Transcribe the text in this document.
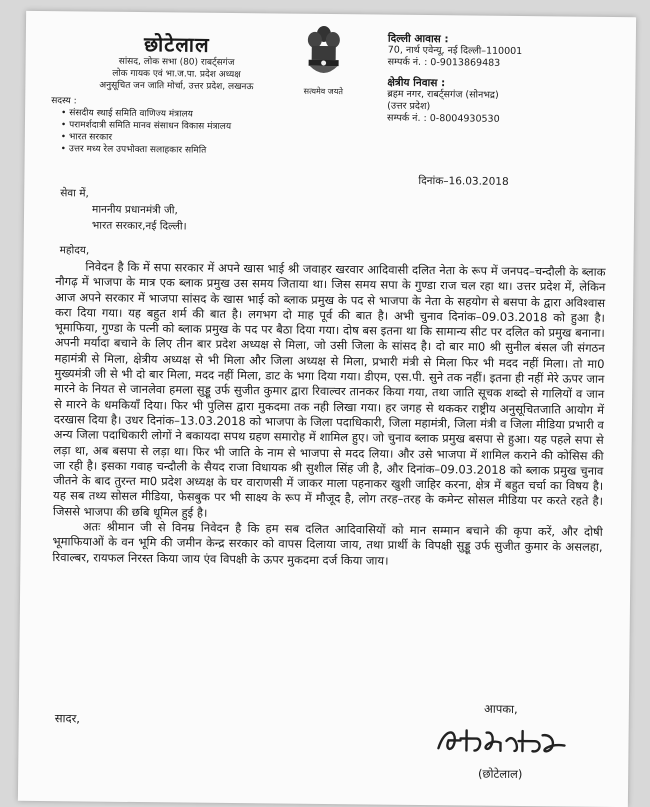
छोटेलाल
सांसद, लोक सभा (80) राबर्ट्सगंज
लोक गायक एवं भा.ज.पा. प्रदेश अध्यक्ष
अनुसूचित जन जाति मोर्चा, उत्तर प्रदेश, लखनऊ
सदस्य :
• संसदीय स्थाई समिति वाणिज्य मंत्रालय
• परामर्शदात्री समिति मानव संसाधन विकास मंत्रालय
• भारत सरकार
• उत्तर मध्य रेल उपभोक्ता सलाहकार समिति
सत्यमेव जयते
दिल्ली आवास :
70, नार्थ एवेन्यू, नई दिल्ली–110001
सम्पर्क नं. : 0-9013869483
क्षेत्रीय निवास :
ब्रहम नगर, राबर्ट्सगंज (सोनभद्र)
(उत्तर प्रदेश)
सम्पर्क नं. : 0-8004930530
दिनांक–16.03.2018
सेवा में,
माननीय प्रधानमंत्री जी,
भारत सरकार,नई दिल्ली।
महोदय,

निवेदन है कि में सपा सरकार में अपने खास भाई श्री जवाहर खरवार आदिवासी दलित नेता के रूप में जनपद–चन्दौली के ब्लाक नौगढ़ में भाजपा के मात्र एक ब्लाक प्रमुख उस समय जिताया था। जिस समय सपा के गुण्डा राज चल रहा था। उत्तर प्रदेश में, लेकिन आज अपने सरकार में भाजपा सांसद के खास भाई को ब्लाक प्रमुख के पद से भाजपा के नेता के सहयोग से बसपा के द्वारा अविश्वास करा दिया गया। यह बहुत शर्म की बात है। लगभग दो माह पूर्व की बात है। अभी चुनाव दिनांक–09.03.2018 को हुआ है। भूमाफिया, गुण्डा के पत्नी को ब्लाक प्रमुख के पद पर बैठा दिया गया। दोष बस इतना था कि सामान्य सीट पर दलित को प्रमुख बनाना। अपनी मर्यादा बचाने के लिए तीन बार प्रदेश अध्यक्ष से मिला, जो उसी जिला के सांसद है। दो बार मा0 श्री सुनील बंसल जी संगठन महामंत्री से मिला, क्षेत्रीय अध्यक्ष से भी मिला और जिला अध्यक्ष से मिला, प्रभारी मंत्री से मिला फिर भी मदद नहीं मिला। तो मा0 मुख्यमंत्री जी से भी दो बार मिला, मदद नहीं मिला, डाट के भगा दिया गया। डीएम, एस.पी. सुने तक नहीं। इतना ही नहीं मेरे ऊपर जान मारने के नियत से जानलेवा हमला सुड्डू उर्फ सुजीत कुमार द्वारा रिवाल्वर तानकर किया गया, तथा जाति सूचक शब्दो से गालियों व जान से मारने के धमकियाँ दिया। फिर भी पुलिस द्वारा मुकदमा तक नही लिखा गया। हर जगह से थककर राष्ट्रीय अनुसूचितजाति आयोग में दरखास दिया है। उधर दिनांक–13.03.2018 को भाजपा के जिला पदाधिकारी, जिला महामंत्री, जिला मंत्री व जिला मीडिया प्रभारी व अन्य जिला पदाधिकारी लोगों ने बकायदा सपथ ग्रहण समारोह में शामिल हुए। जो चुनाव ब्लाक प्रमुख बसपा से हुआ। यह पहले सपा से लड़ा था, अब बसपा से लड़ा था। फिर भी जाति के नाम से भाजपा से मदद लिया। और उसे भाजपा में शामिल कराने की कोसिस की जा रही है। इसका गवाह चन्दौली के सैयद राजा विधायक श्री सुशील सिंह जी है, और दिनांक–09.03.2018 को ब्लाक प्रमुख चुनाव जीतने के बाद तुरन्त मा0 प्रदेश अध्यक्ष के घर वाराणसी में जाकर माला पहनाकर खुशी जाहिर करना, क्षेत्र में बहुत चर्चा का विषय है। यह सब तथ्य सोसल मीडिया, फेसबुक पर भी साक्ष्य के रूप में मौजूद है, लोग तरह–तरह के कमेन्ट सोसल मीडिया पर करते रहते है। जिससे भाजपा की छबि धूमिल हुई है।

अतः श्रीमान जी से विनम्र निवेदन है कि हम सब दलित आदिवासियों को मान सम्मान बचाने की कृपा करें, और दोषी भूमाफियाओं के वन भूमि की जमीन केन्द्र सरकार को वापस दिलाया जाय, तथा प्रार्थी के विपक्षी सुड्डू उर्फ सुजीत कुमार के असलहा, रिवाल्बर, रायफल निरस्त किया जाय एंव विपक्षी के ऊपर मुकदमा दर्ज किया जाय।

सादर,
आपका,
(छोटेलाल)
